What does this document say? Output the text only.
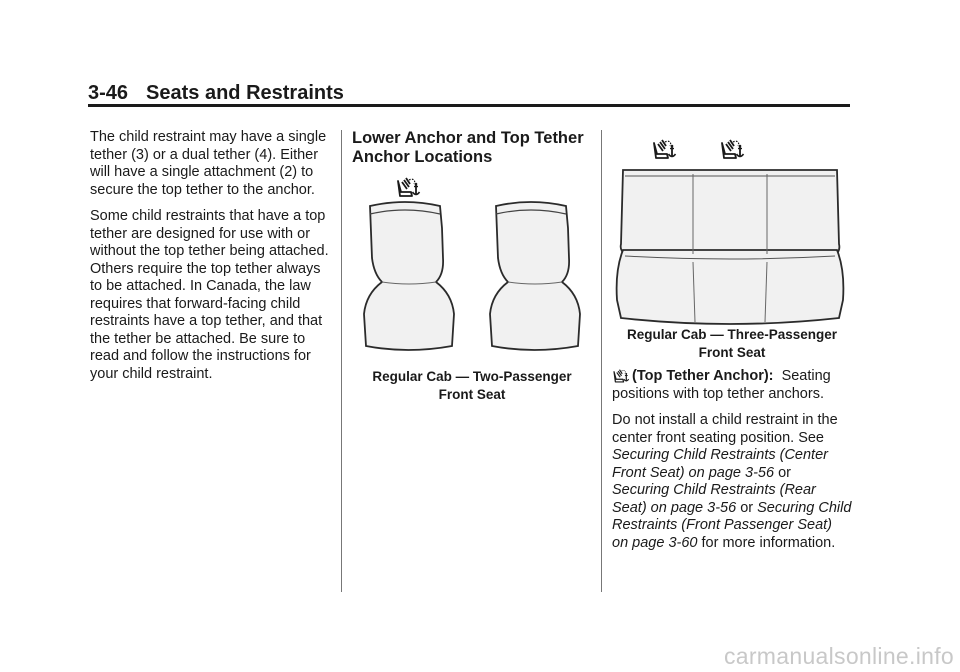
3-46 Seats and Restraints

The child restraint may have a single tether (3) or a dual tether (4). Either will have a single attachment (2) to secure the top tether to the anchor.

Some child restraints that have a top tether are designed for use with or without the top tether being attached. Others require the top tether always to be attached. In Canada, the law requires that forward-facing child restraints have a top tether, and that the tether be attached. Be sure to read and follow the instructions for your child restraint.

Lower Anchor and Top Tether Anchor Locations
Regular Cab — Two-Passenger
Front Seat
Regular Cab — Three-Passenger
Front Seat

(Top Tether Anchor): Seating positions with top tether anchors.

Do not install a child restraint in the center front seating position. See Securing Child Restraints (Center Front Seat) on page 3-56 or Securing Child Restraints (Rear Seat) on page 3-56 or Securing Child Restraints (Front Passenger Seat) on page 3-60 for more information.

carmanualsonline.info
